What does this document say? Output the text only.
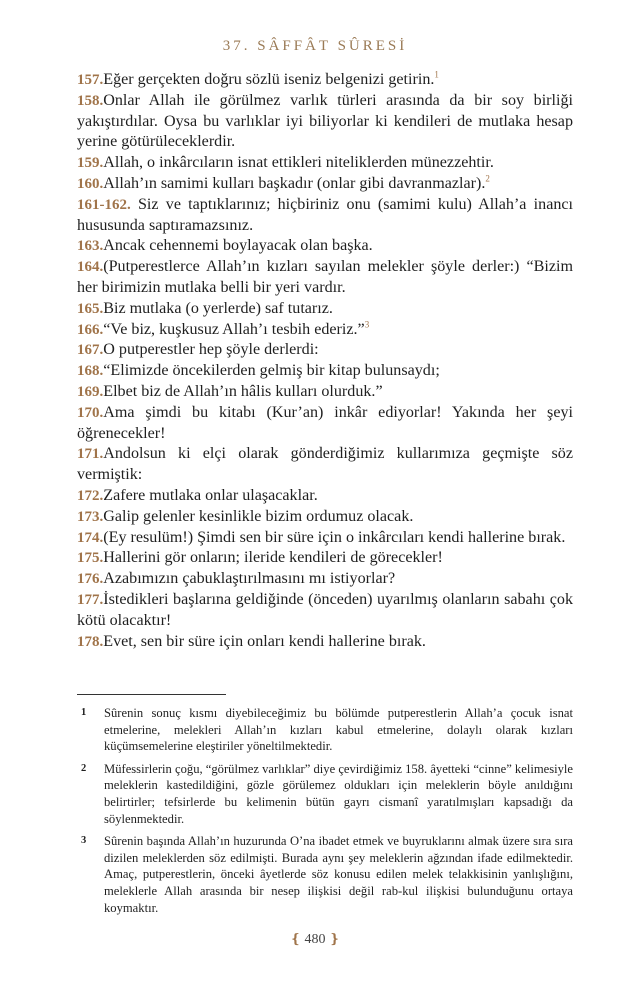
37. SÂFFÂT SÛRESİ

157.Eğer gerçekten doğru sözlü iseniz belgenizi getirin.$^1$

158.Onlar Allah ile görülmez varlık türleri arasında da bir soy birliği yakıştırdılar. Oysa bu varlıklar iyi biliyorlar ki kendileri de mutlaka hesap yerine götürüleceklerdir.

159.Allah, o inkârcıların isnat ettikleri niteliklerden münezzehtir.

160.Allah’ın samimi kulları başkadır (onlar gibi davranmazlar).$^2$

161-162. Siz ve taptıklarınız; hiçbiriniz onu (samimi kulu) Allah’a inancı hususunda saptıramazsınız.

163.Ancak cehennemi boylayacak olan başka.

164.(Putperestlerce Allah’ın kızları sayılan melekler şöyle derler:) “Bizim her birimizin mutlaka belli bir yeri vardır.

165.Biz mutlaka (o yerlerde) saf tutarız.

166.“Ve biz, kuşkusuz Allah’ı tesbih ederiz.”$^3$

167.O putperestler hep şöyle derlerdi:

168.“Elimizde öncekilerden gelmiş bir kitap bulunsaydı;

169.Elbet biz de Allah’ın hâlis kulları olurduk.”

170.Ama şimdi bu kitabı (Kur’an) inkâr ediyorlar! Yakında her şeyi öğrenecekler!

171.Andolsun ki elçi olarak gönderdiğimiz kullarımıza geçmişte söz vermiştik:

172.Zafere mutlaka onlar ulaşacaklar.

173.Galip gelenler kesinlikle bizim ordumuz olacak.

174.(Ey resulüm!) Şimdi sen bir süre için o inkârcıları kendi hallerine bırak.

175.Hallerini gör onların; ileride kendileri de görecekler!

176.Azabımızın çabuklaştırılmasını mı istiyorlar?

177.İstedikleri başlarına geldiğinde (önceden) uyarılmış olanların sabahı çok kötü olacaktır!

178.Evet, sen bir süre için onları kendi hallerine bırak.

1	Sûrenin sonuç kısmı diyebileceğimiz bu bölümde putperestlerin Allah’a çocuk isnat etmelerine, melekleri Allah’ın kızları kabul etmelerine, dolaylı olarak kızları küçümsemelerine eleştiriler yöneltilmektedir.
2	Müfessirlerin çoğu, “görülmez varlıklar” diye çevirdiğimiz 158. âyetteki “cinne” kelimesiyle meleklerin kastedildiğini, gözle görülemez oldukları için meleklerin böyle anıldığını belirtirler; tefsirlerde bu kelimenin bütün gayrı cismanî yaratılmışları kapsadığı da söylenmektedir.
3	Sûrenin başında Allah’ın huzurunda O’na ibadet etmek ve buyruklarını almak üzere sıra sıra dizilen meleklerden söz edilmişti. Burada aynı şey meleklerin ağzından ifade edilmektedir. Amaç, putperestlerin, önceki âyetlerde söz konusu edilen melek telakkisinin yanlışlığını, meleklerle Allah arasında bir nesep ilişkisi değil rab-kul ilişkisi bulunduğunu ortaya koymaktır.
❴ 480 ❵
